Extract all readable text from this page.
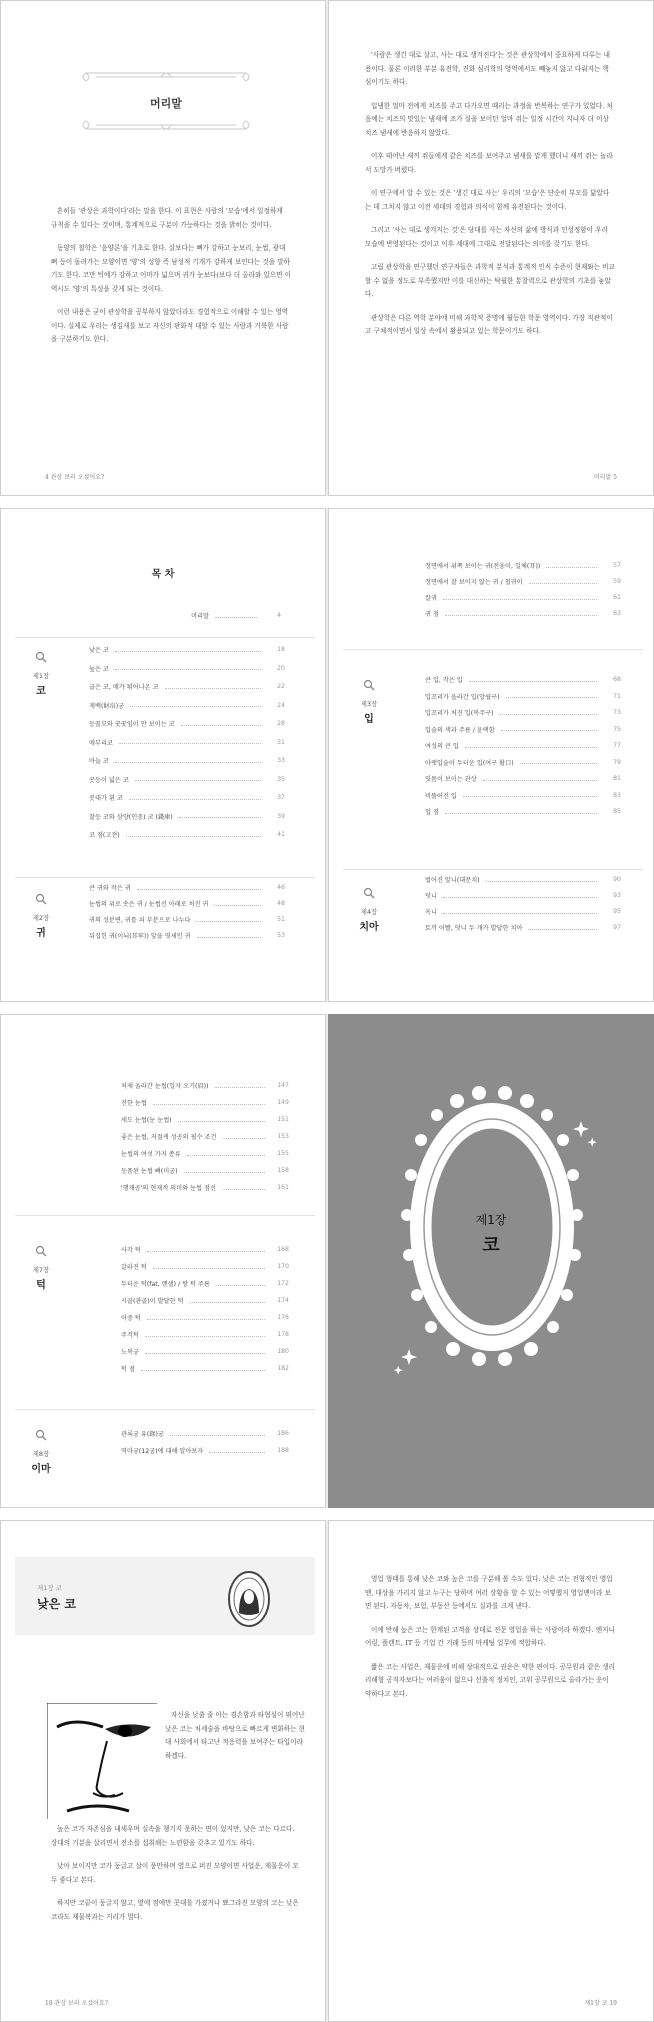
머리말

흔히들 '관상은 과학이다'라는 말을 한다. 이 표현은 사람의 '모습'에서 일정하게 규칙을 수 있다는 것이며, 통계적으로 구분이 가능하다는 것을 밝히는 것이다.

동양의 철학은 '음양론'을 기초로 한다. 살보다는 뼈가 강하고 눈보리, 눈썹, 광대뼈 등이 돌려가는 모양이면 '양'의 성향 즉 남성적 기개가 강하게 보인다는 것을 말하기도 한다. 코만 턱에가 강하고 이마가 넓으며 귀가 눈보다(보다 더 올라와 있으면 이 역시도 '양'의 특성을 갖게 되는 것이다.

이런 내용은 굳이 관상학을 공부하지 않았더라도 경험적으로 이해할 수 있는 영역이다. 실제로 우리는 생김새를 보고 자신의 판화적 대할 수 있는 사람과 거북한 사람을 구분하기도 한다.

4 관상 보러 오셨어요?

'사람은 생긴 대로 살고, 사는 대로 생겨진다'는 것은 관상학에서 중요하게 다루는 내용이다. 물론 이러한 부분 유전학, 진화 심리학의 영역에서도 빼놓지 않고 다뤄지는 핵심이기도 하다.

입냄한 얼마 전에게 치즈를 주고 다가오면 때리는 과정을 반복하는 연구가 있었다. 처음에는 치즈의 맛있는 냄새에 조가 실을 보이던 얼마 쥐는 일정 시간이 지나자 더 이상 치즈 냄새에 반응하지 않았다.

이후 태어난 새끼 쥐들에게 같은 치즈를 보여주고 냄새를 맡게 했더니 새끼 쥐는 놀라서 도망가 버렸다.

이 연구에서 알 수 있는 것은 '생긴 대로 사는' 우리의 '모습'은 단순히 부모를 닮았다는 데 그치지 않고 이전 세대의 경험과 의식이 함께 유전된다는 것이다.

그리고 '사는 대로 생겨지는 것'은 당대를 사는 자신의 삶에 방식과 인성정함이 우리 모습에 반영된다는 것이고 이후 세대에 그대로 전달된다는 의미를 갖기도 한다.

고립 관상학을 연구했던 연구자들은 과학적 분석과 통계적 인식 수준이 현재와는 비교할 수 없을 정도로 부족했지만 이를 대신하는 탁월한 통찰력으로 관상학의 기초를 놓았다.

관상학은 다른 역학 분야에 비해 과학적 증명에 월등한 학문 영역이다. 가장 직관적이고 구체적이면서 일상 속에서 활용되고 있는 학문이기도 하다.

머리말 5
목 차
머리말	4
제1장
코
낮은 코	18
높은 코	20
굽은 코, 매가 튀어나온 코	22
재백(財帛)궁	24
등꼴모와 꿋꿋임이 안 보이는 코	28
매부리코	31
마늘 코	33
콧등이 넓은 코	35
콧대가 휜 코	37
찰등 코와 삼양(인중) 코 (錢庫)	39
코 점(고젼)	41
제2장
귀
큰 귀와 작은 귀	46
눈썹의 위로 솟은 귀 / 눈썹선 아래로 처진 귀	48
귀의 성분변, 귀를 쇠 부분으로 나누다	51
뒤집힌 귀(이뇌(耳牢)) 앞을 엿세인 귀	53
정면에서 위쪽 보이는 귀(전웅이, 일체(耳))	57
정면에서 잘 보이지 않는 귀 / 첩귀이	59
칼귀	61
귀 점	63
제3장
입
큰 입, 작은 입	68
입꼬리가 올라간 입(앙월구)	71
입꼬리가 처진 입(복주구)	73
입술의 색과 주름 / 윤택함	75
여성의 큰 입	77
아랫입술이 두터운 입(여구 활口)	79
잇몸이 보이는 관상	81
비뚤어진 입	83
입 점	85
제4장
치아
벌어진 앞니(대문치)	90
덧니	93
옥니	95
토끼 이빨, 덧니 두 개가 발달한 치아	97
처제 올라간 눈썹(일자 오기(眉))	147
진한 눈썹	149
새도 눈썹(눈 눈썹)	151
좋은 눈썹, 저절게 성공의 필수 조건	153
눈썹의 여섯 가지 종류	155
등품된 눈썹 뼈(미궁)	158
'행재공'의 현재적 의미와 눈썹 점선	161
제7장
턱
사각 턱	168
갈라진 턱	170
두터운 턱(fat, 렌셀) / 쌍 턱 주름	172
시골(관골)이 발달한 턱	174
이중 턱	176
주걱턱	178
노복궁	180
턱 점	182
제8장
이마
관록궁 유(錄)궁	186
역마궁(12궁)에 대해 알아보자	188
제1장
코
제1장 코
낮은 코

자신을 낮출 줄 아는 겸손함과 타협심이 뛰어난 낮은 코는 처세술을 바탕으로 빠르게 변화하는 현대 사회에서 타고난 적응력을 보여주는 타입이라 하겠다.

높은 코가 자존심을 내세우며 실속을 챙기지 못하는 면이 있지만, 낮은 코는 다르다. 상대의 기분을 살리면서 잔소를 섭취해는 노련함을 갖추고 있기도 하다.

낮아 보이지만 코가 둥글고 살이 풍만하며 옆으로 퍼진 모양이면 사업운, 재물운이 모두 좋다고 본다.

하지만 코끝이 둥글지 않고, 옆에 점에만 콧대를 가졌거나 뾰그라진 모양의 코는 낮은 코라도 재물복과는 거리가 멀다.

18 관상 보러 오셨어요?

영업 형태를 통해 낮은 코와 높은 코를 구분해 볼 수도 있다. 낮은 코는 전형적인 영업맨, 대상을 가리지 않고 누구는 당하며 여러 상황을 할 수 있는 어떻했지 영업맨이라 보면 된다. 자동차, 보험, 부동산 등에서도 실과를 크게 낸다.

이에 반해 높은 코는 한계된 고객을 상대로 전문 영업을 하는 사람이라 하겠다. 엔지니어링, 플랜트, IT 등 기업 간 거래 등의 마케팅 업무에 적합하다.

짧은 코는 사업은, 재물운에 비해 상대적으로 권운은 약한 편이다. 공무원과 같은 생리리해형 공직자보다는 여러움이 없으나 선출직 정치인, 고위 공무원으로 올라가는 운이 약하다고 본다.

제1장 코 19
